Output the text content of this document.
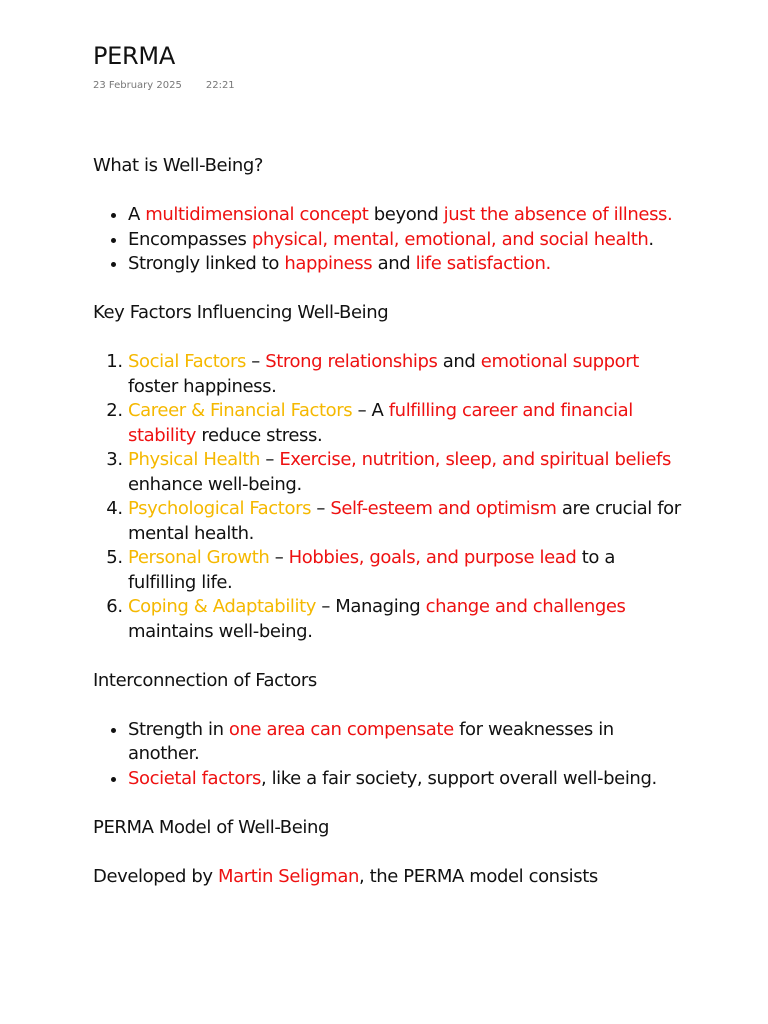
PERMA
23 February 2025 22:21
What is Well-Being?
• A multidimensional concept beyond just the absence of illness.
• Encompasses physical, mental, emotional, and social health.
• Strongly linked to happiness and life satisfaction.
Key Factors Influencing Well-Being
1. Social Factors – Strong relationships and emotional support foster happiness.
2. Career & Financial Factors – A fulfilling career and financial stability reduce stress.
3. Physical Health – Exercise, nutrition, sleep, and spiritual beliefs enhance well-being.
4. Psychological Factors – Self-esteem and optimism are crucial for mental health.
5. Personal Growth – Hobbies, goals, and purpose lead to a fulfilling life.
6. Coping & Adaptability – Managing change and challenges maintains well-being.
Interconnection of Factors
• Strength in one area can compensate for weaknesses in another.
• Societal factors, like a fair society, support overall well-being.
PERMA Model of Well-Being

Developed by Martin Seligman, the PERMA model consists
